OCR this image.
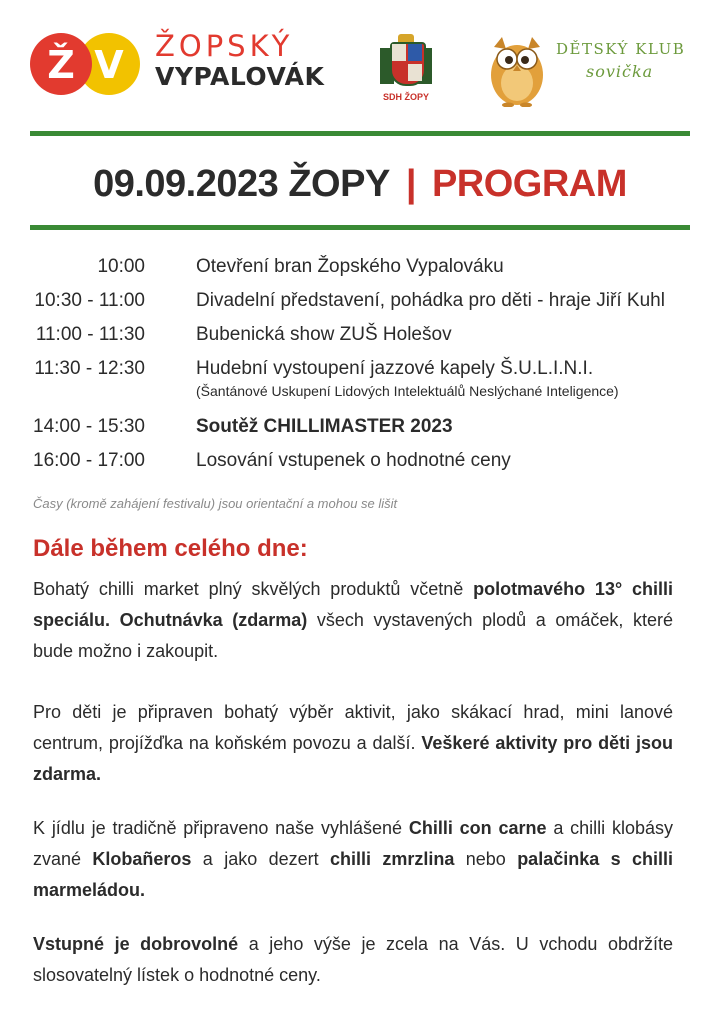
Ž V	ŽOPSKÝ
VYPALOVÁK
SDH ŽOPY
DĚTSKÝ KLUB
sovička
09.09.2023 ŽOPY | PROGRAM
10:00	Otevření bran Žopského Vypalováku
10:30 - 11:00	Divadelní představení, pohádka pro děti - hraje Jiří Kuhl
11:00 - 11:30	Bubenická show ZUŠ Holešov
11:30 - 12:30	Hudební vystoupení jazzové kapely Š.U.L.I.N.I.
(Šantánové Uskupení Lidových Intelektuálů Neslýchané Inteligence)
14:00 - 15:30	Soutěž CHILLIMASTER 2023
16:00 - 17:00	Losování vstupenek o hodnotné ceny
Časy (kromě zahájení festivalu) jsou orientační a mohou se lišit
Dále během celého dne:
Bohatý chilli market plný skvělých produktů včetně polotmavého 13° chilli speciálu. Ochutnávka (zdarma) všech vystavených plodů a omáček, které bude možno i zakoupit.
Pro děti je připraven bohatý výběr aktivit, jako skákací hrad, mini lanové centrum, projížďka na koňském povozu a další. Veškeré aktivity pro děti jsou zdarma.
K jídlu je tradičně připraveno naše vyhlášené Chilli con carne a chilli klobásy zvané Klobañeros a jako dezert chilli zmrzlina nebo palačinka s chilli marmeládou.
Vstupné je dobrovolné a jeho výše je zcela na Vás. U vchodu obdržíte slosovatelný lístek o hodnotné ceny.
